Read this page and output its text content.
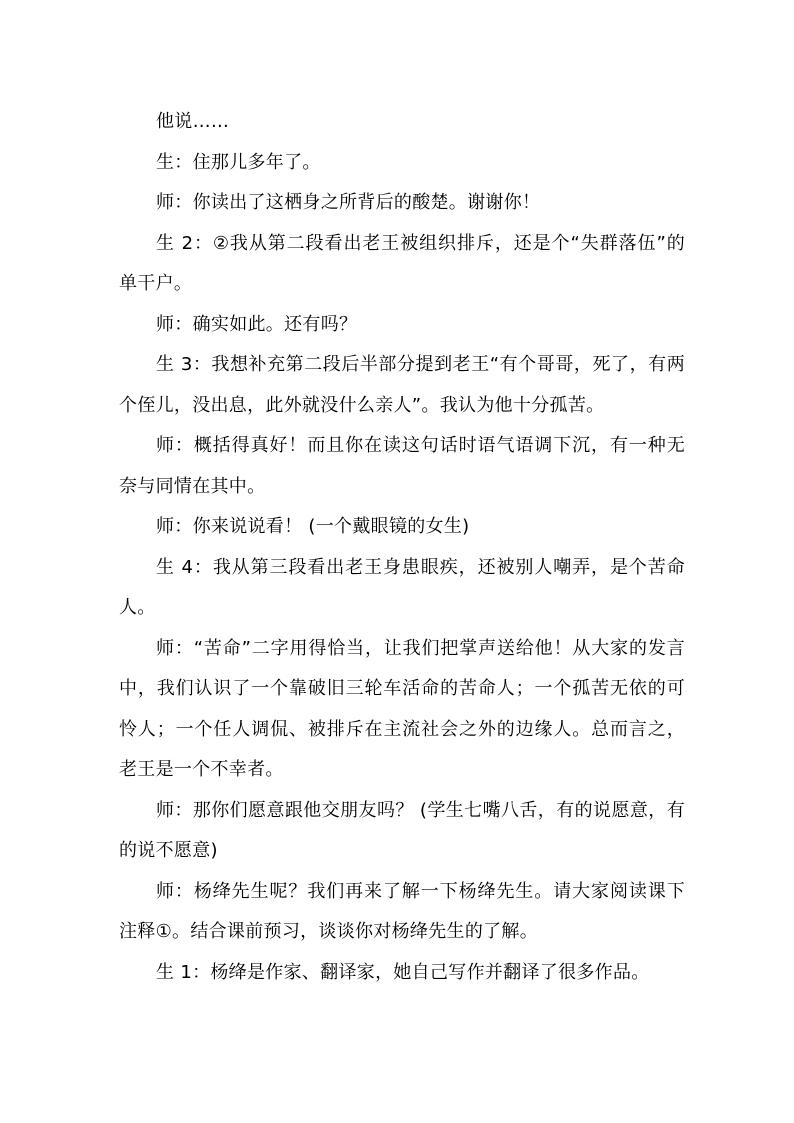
他说……

生：住那儿多年了。

师：你读出了这栖身之所背后的酸楚。谢谢你！

生 2：②我从第二段看出老王被组织排斥，还是个“失群落伍”的单干户。

师：确实如此。还有吗？

生 3：我想补充第二段后半部分提到老王“有个哥哥，死了，有两个侄儿，没出息，此外就没什么亲人”。我认为他十分孤苦。

师：概括得真好！而且你在读这句话时语气语调下沉，有一种无奈与同情在其中。

师：你来说说看！ (一个戴眼镜的女生)

生 4：我从第三段看出老王身患眼疾，还被别人嘲弄，是个苦命人。

师：“苦命”二字用得恰当，让我们把掌声送给他！从大家的发言中，我们认识了一个靠破旧三轮车活命的苦命人；一个孤苦无依的可怜人；一个任人调侃、被排斥在主流社会之外的边缘人。总而言之，老王是一个不幸者。

师：那你们愿意跟他交朋友吗？ (学生七嘴八舌，有的说愿意，有的说不愿意)

师：杨绛先生呢？我们再来了解一下杨绛先生。请大家阅读课下注释①。结合课前预习，谈谈你对杨绛先生的了解。

生 1：杨绛是作家、翻译家，她自己写作并翻译了很多作品。
